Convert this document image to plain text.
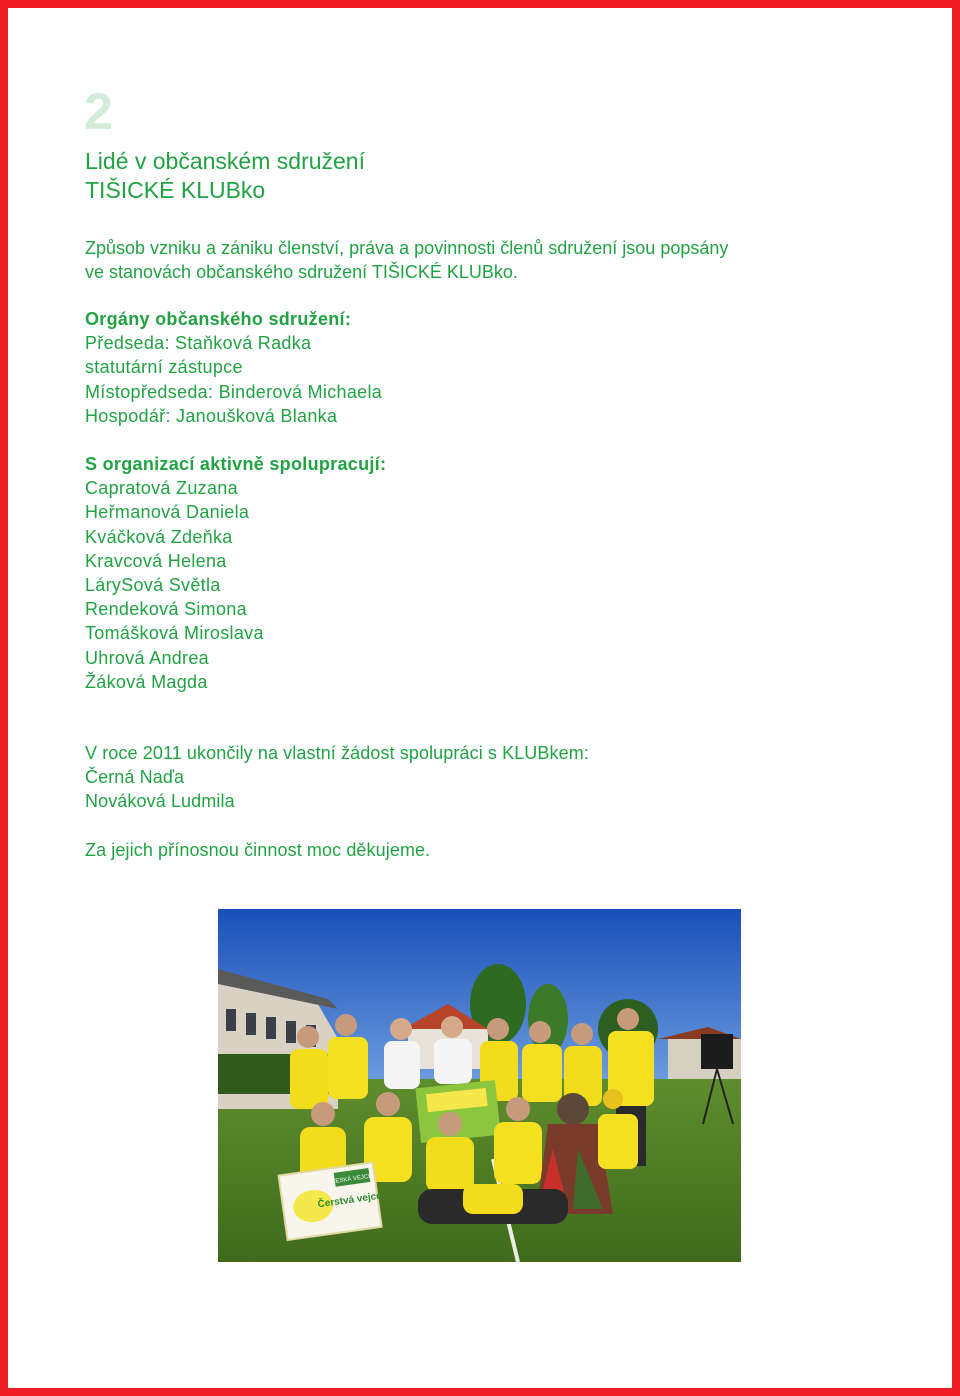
2
Lidé v občanském sdružení
TIŠICKÉ KLUBko
Způsob vzniku a zániku členství, práva a povinnosti členů sdružení jsou popsány
ve stanovách občanského sdružení TIŠICKÉ KLUBko.
Orgány občanského sdružení:
Předseda: Staňková Radka
statutární zástupce
Místopředseda: Binderová Michaela
Hospodář: Janoušková Blanka
S organizací aktivně spolupracují:
Capratová Zuzana
Heřmanová Daniela
Kváčková Zdeňka
Kravcová Helena
LárySová Světla
Rendeková Simona
Tomášková Miroslava
Uhrová Andrea
Žáková Magda
V roce 2011 ukončily na vlastní žádost spolupráci s KLUBkem:
Černá Naďa
Nováková Ludmila
Za jejich přínosnou činnost moc děkujeme.
ČESKÁ VEJCE
Čerstvá vejce
